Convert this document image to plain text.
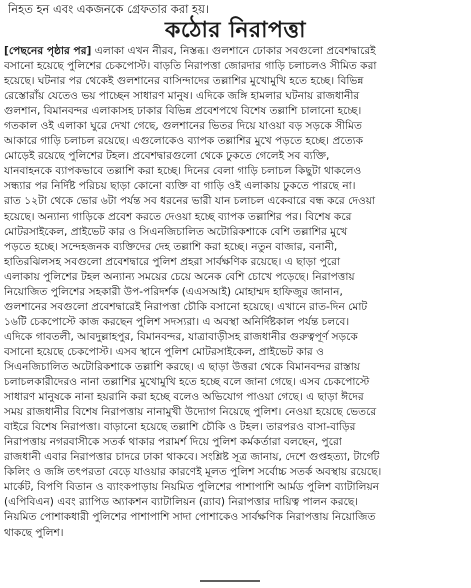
নিহত হন এবং একজনকে গ্রেফতার করা হয়।
কঠোর নিরাপত্তা
[পেছনের পৃষ্ঠার পর] এলাকা এখন নীরব, নিস্তব্ধ। গুলশানে ঢোকার সবগুলো প্রবেশদ্বারেই
বসানো হয়েছে পুলিশের চেকপোস্ট। বাড়তি নিরাপত্তা জোরদার গাড়ি চলাচলও সীমিত করা
হয়েছে। ঘটনার পর থেকেই গুলশানের বাসিন্দাদের তল্লাশির মুখোমুখি হতে হচ্ছে। বিভিন্ন
রেস্তোরাঁয় যেতেও ভয় পাচ্ছেন সাধারণ মানুষ। এদিকে জঙ্গি হামলার ঘটনায় রাজধানীর
গুলশান, বিমানবন্দর এলাকাসহ ঢাকার বিভিন্ন প্রবেশপথে বিশেষ তল্লাশি চালানো হচ্ছে।
গতকাল ওই এলাকা ঘুরে দেখা গেছে, গুলশানের ভিতর দিয়ে যাওয়া বড় সড়কে সীমিত
আকারে গাড়ি চলাচল রয়েছে। এগুলোকেও ব্যাপক তল্লাশির মুখে পড়তে হচ্ছে। প্রত্যেক
মোড়েই রয়েছে পুলিশের টহল। প্রবেশদ্বারগুলো থেকে ঢুকতে গেলেই সব ব্যক্তি,
যানবাহনকে ব্যাপকভাবে তল্লাশি করা হচ্ছে। দিনের বেলা গাড়ি চলাচল কিছুটা থাকলেও
সন্ধ্যার পর নির্দিষ্ট পরিচয় ছাড়া কোনো ব্যক্তি বা গাড়ি ওই এলাকায় ঢুকতে পারছে না।
রাত ১২টা থেকে ভোর ৬টা পর্যন্ত সব ধরনের ভারী যান চলাচল একেবারে বন্ধ করে দেওয়া
হয়েছে। অন্যান্য গাড়িকে প্রবেশ করতে দেওয়া হচ্ছে ব্যাপক তল্লাশির পর। বিশেষ করে
মোটরসাইকেল, প্রাইভেট কার ও সিএনজিচালিত অটোরিকশাকে বেশি তল্লাশির মুখে
পড়তে হচ্ছে। সন্দেহজনক ব্যক্তিদের দেহ তল্লাশি করা হচ্ছে। নতুন বাজার, বনানী,
হাতিরঝিলসহ সবগুলো প্রবেশদ্বারে পুলিশ প্রহরা সার্বক্ষণিক রয়েছে। এ ছাড়া পুরো
এলাকায় পুলিশের টহল অন্যান্য সময়ের চেয়ে অনেক বেশি চোখে পড়েছে। নিরাপত্তায়
নিয়োজিত পুলিশের সহকারী উপ-পরিদর্শক (এএসআই) মোহাম্মদ হাফিজুর জানান,
গুলশানের সবগুলো প্রবেশদ্বারেই নিরাপত্তা চৌকি বসানো হয়েছে। এখানে রাত-দিন মোট
১৬টি চেকপোস্টে কাজ করছেন পুলিশ সদস্যরা। এ অবস্থা অনির্দিষ্টকাল পর্যন্ত চলবে।
এদিকে গাবতলী, আবদুল্লাহপুর, বিমানবন্দর, যাত্রাবাড়ীসহ রাজধানীর গুরুত্বপূর্ণ সড়কে
বসানো হয়েছে চেকপোস্ট। এসব স্থানে পুলিশ মোটরসাইকেল, প্রাইভেট কার ও
সিএনজিচালিত অটোরিকশাকে তল্লাশি করছে। এ ছাড়া উত্তরা থেকে বিমানবন্দর রাস্তায়
চলাচলকারীদেরও নানা তল্লাশির মুখোমুখি হতে হচ্ছে বলে জানা গেছে। এসব চেকপোস্টে
সাধারণ মানুষকে নানা হয়রানি করা হচ্ছে বলেও অভিযোগ পাওয়া গেছে। এ ছাড়া ঈদের
সময় রাজধানীর বিশেষ নিরাপত্তায় নানামুখী উদ্যোগ নিয়েছে পুলিশ। নেওয়া হয়েছে ভেতরে
বাইরে বিশেষ নিরাপত্তা। বাড়ানো হয়েছে তল্লাশি চৌকি ও টহল। তারপরও বাসা-বাড়ির
নিরাপত্তায় নগরবাসীকে সতর্ক থাকার পরামর্শ দিয়ে পুলিশ কর্মকর্তারা বলছেন, পুরো
রাজধানী এবার নিরাপত্তার চাদরে ঢাকা থাকবে। সংশ্লিষ্ট সূত্র জানায়, দেশে গুপ্তহত্যা, টার্গেট
কিলিং ও জঙ্গি তৎপরতা বেড়ে যাওয়ার কারণেই মূলত পুলিশ সর্বোচ্চ সতর্ক অবস্থায় রয়েছে।
মার্কেট, বিপণি বিতান ও ব্যাংকপাড়ায় নিয়মিত পুলিশের পাশাপাশি আর্মড পুলিশ ব্যাটালিয়ন
(এপিবিএন) এবং র‍্যাপিড অ্যাকশন ব্যাটালিয়ন (র‍্যাব) নিরাপত্তার দায়িত্ব পালন করছে।
নিয়মিত পোশাকধারী পুলিশের পাশাপাশি সাদা পোশাকেও সার্বক্ষণিক নিরাপত্তায় নিয়োজিত
থাকছে পুলিশ।
